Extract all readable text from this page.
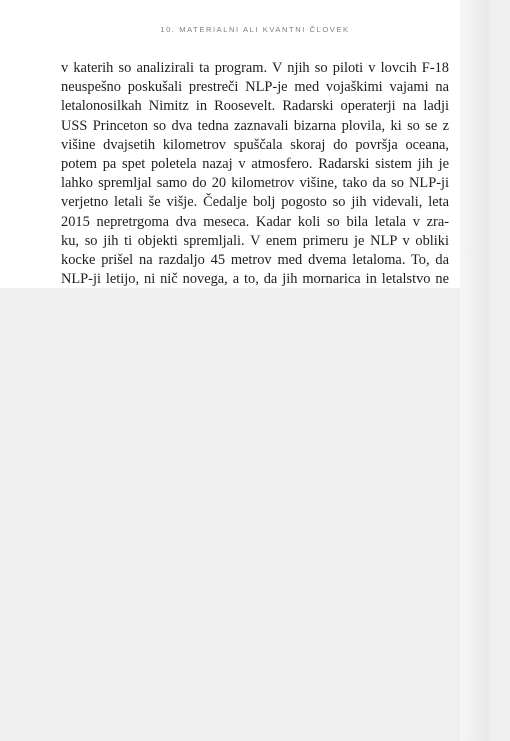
10. MATERIALNI ALI KVANTNI ČLOVEK
v katerih so analizirali ta program. V njih so piloti v lovcih F-18
neuspešno poskušali prestreči NLP-je med vojaškimi vajami na
letalonosilkah Nimitz in Roosevelt. Radarski operaterji na ladji
USS Princeton so dva tedna zaznavali bizarna plovila, ki so se z
višine dvajsetih kilometrov spuščala skoraj do površja oceana,
potem pa spet poletela nazaj v atmosfero. Radarski sistem jih je
lahko spremljal samo do 20 kilometrov višine, tako da so NLP-ji
verjetno letali še višje. Čedalje bolj pogosto so jih videvali, leta
2015 nepretrgoma dva meseca. Kadar koli so bila letala v zra-
ku, so jih ti objekti spremljali. V enem primeru je NLP v obliki
kocke prišel na razdaljo 45 metrov med dvema letaloma. To, da
NLP-ji letijo, ni nič novega, a to, da jih mornarica in letalstvo ne
